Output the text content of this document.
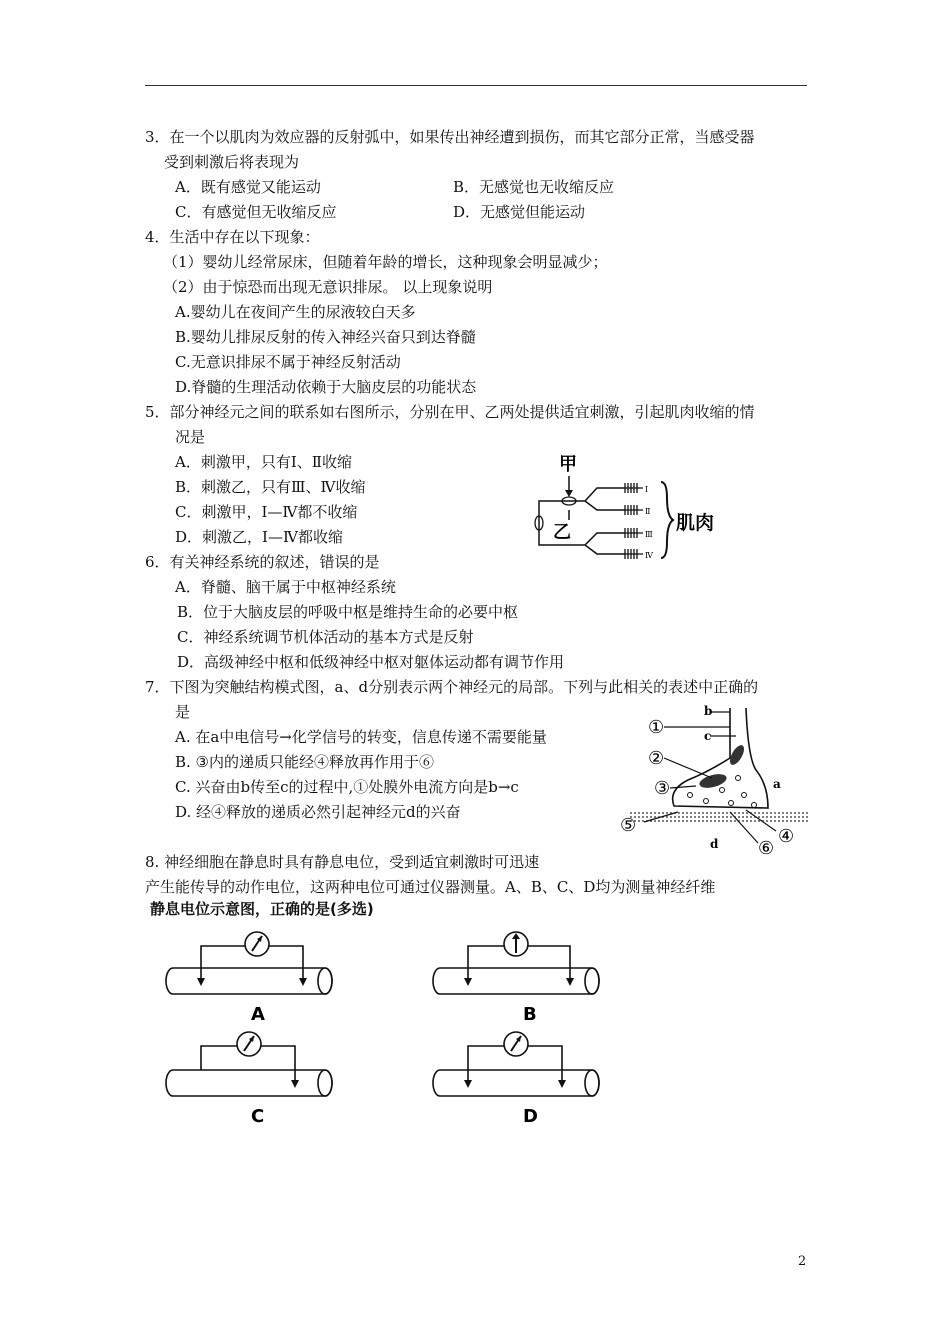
3．在一个以肌肉为效应器的反射弧中，如果传出神经遭到损伤，而其它部分正常，当感受器
受到刺激后将表现为
A．既有感觉又能运动	B．无感觉也无收缩反应
C．有感觉但无收缩反应	D．无感觉但能运动
4．生活中存在以下现象：
（1）婴幼儿经常尿床，但随着年龄的增长，这种现象会明显减少；
（2）由于惊恐而出现无意识排尿。 以上现象说明
A.婴幼儿在夜间产生的尿液较白天多
B.婴幼儿排尿反射的传入神经兴奋只到达脊髓
C.无意识排尿不属于神经反射活动
D.脊髓的生理活动依赖于大脑皮层的功能状态
5．部分神经元之间的联系如右图所示，分别在甲、乙两处提供适宜刺激，引起肌肉收缩的情
况是
A．刺激甲，只有Ⅰ、Ⅱ收缩
B．刺激乙，只有Ⅲ、Ⅳ收缩
C．刺激甲，Ⅰ—Ⅳ都不收缩
D．刺激乙，Ⅰ—Ⅳ都收缩
甲
乙
Ⅰ
Ⅱ
Ⅲ
Ⅳ
肌肉
6．有关神经系统的叙述，错误的是
A．脊髓、脑干属于中枢神经系统
B．位于大脑皮层的呼吸中枢是维持生命的必要中枢
C．神经系统调节机体活动的基本方式是反射
D．高级神经中枢和低级神经中枢对躯体运动都有调节作用
7．下图为突触结构模式图，a、d分别表示两个神经元的局部。下列与此相关的表述中正确的
是
A. 在a中电信号→化学信号的转变，信息传递不需要能量
B. ③内的递质只能经④释放再作用于⑥
C. 兴奋由b传至c的过程中,①处膜外电流方向是b→c
D. 经④释放的递质必然引起神经元d的兴奋
①
②
③
④
⑤
⑥
b
c
a
d
8. 神经细胞在静息时具有静息电位，受到适宜刺激时可迅速
产生能传导的动作电位，这两种电位可通过仪器测量。A、B、C、D均为测量神经纤维
静息电位示意图，正确的是(多选)
A	B
C	D
2
